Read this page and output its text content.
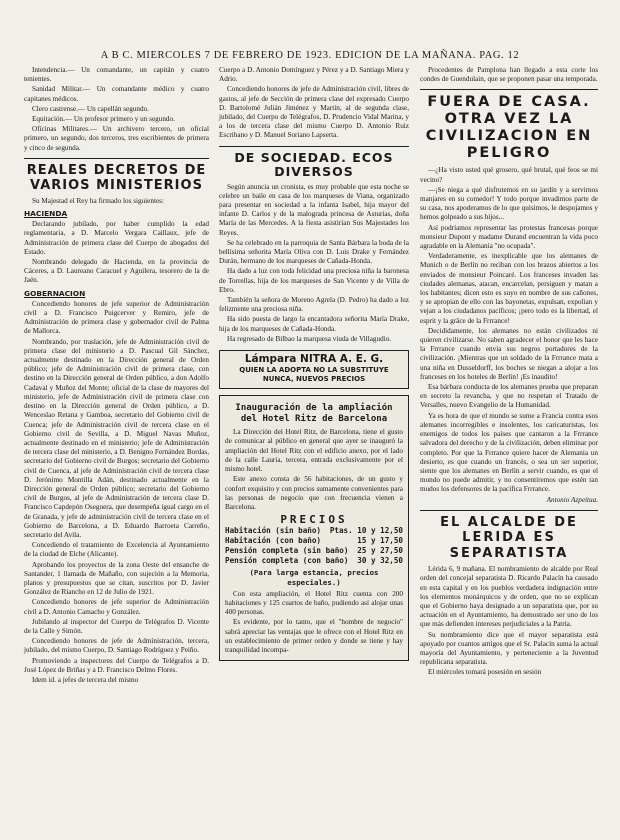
A B C. MIERCOLES 7 DE FEBRERO DE 1923. EDICION DE LA MAÑANA. PAG. 12

Intendencia.— Un comandante, un capitán y cuatro tenientes.

Sanidad Militar.— Un comandante médico y cuatro capitanes médicos.

Clero castrense.— Un capellán segundo.

Equitación.— Un profesor primero y un segundo.

Oficinas Militares.— Un archivero tercero, un oficial primero, un segundo, dos terceros, tres escribientes de primera y cinco de segunda.

REALES DECRETOS DE VARIOS MINISTERIOS

Su Majestad el Rey ha firmado los siguientes:

HACIENDA

Declarando jubilado, por haber cumplido la edad reglamentaria, a D. Marcelo Vergara Caillaux, jefe de Administración de primera clase del Cuerpo de abogados del Estado.

Nombrando delegado de Hacienda, en la provincia de Cáceres, a D. Laureano Caracuel y Aguilera, tesorero de la de Jaén.

GOBERNACION

Concediendo honores de jefe superior de Administración civil a D. Francisco Puigcerver y Remiro, jefe de Administración de primera clase y gobernador civil de Palma de Mallorca.

Nombrando, por traslación, jefe de Administración civil de primera clase del ministerio a D. Pascual Gil Sánchez, actualmente destinado en la Dirección general de Orden público; jefe de Administración civil de primera clase, con destino en la Dirección general de Orden público, a don Adolfo Cadaval y Muñoz del Monte; oficial de la clase de mayores del ministerio, jefe de Administración civil de primera clase con destino en la Dirección general de Orden público, a D. Wenceslao Retana y Gamboa, secretario del Gobierno civil de Cuenca; jefe de Administración civil de tercera clase en el Gobierno civil de Sevilla, a D. Miguel Navas Muñoz, actualmente destinado en el ministerio; jefe de Administración de tercera clase del ministerio, a D. Benigno Fernández Bordas, secretario del Gobierno civil de Burgos; secretario del Gobierno civil de Cuenca, al jefe de Administración civil de tercera clase D. Jerónimo Montilla Adán, destinado actualmente en la Dirección general de Orden público; secretario del Gobierno civil de Burgos, al jefe de Administración de tercera clase D. Francisco Capdepón Oseguera, que desempeña igual cargo en el de Granada, y jefe de administración civil de tercera clase en el Gobierno de Barcelona, a D. Eduardo Barroeta Carreño, secretario del Avila.

Concediendo el tratamiento de Excelencia al Ayuntamiento de la ciudad de Elche (Alicante).

Aprobando los proyectos de la zona Oeste del ensanche de Santander, 1 llamada de Mañaño, con sujeción a la Memoria, planos y presupuestos que se citan, suscritos por D. Javier González de Riancho en 12 de Julio de 1921.

Concediendo honores de jefe superior de Administración civil a D. Antonio Camacho y González.

Jubilando al inspector del Cuerpo de Telégrafos D. Vicente de la Calle y Simón.

Concediendo honores de jefe de Administración, tercera, jubilado, del mismo Cuerpo, D. Santiago Rodríguez y Peiño.

Promoviendo a inspectores del Cuerpo de Telégrafos a D. José López de Briñas y a D. Francisco Delmo Flores.

Idem id. a jefes de tercera del mismo

Cuerpo a D. Antonio Domínguez y Pérez y a D. Santiago Miera y Adrio.

Concediendo honores de jefe de Administración civil, libres de gastos, al jefe de Sección de primera clase del expresado Cuerpo D. Bartolomé Julián Jiménez y Martín, al de segunda clase, jubilado, del Cuerpo de Telégrafos, D. Prudencio Vidal Marina, y a los de tercera clase del mismo Cuerpo D. Antonio Ruiz Escribano y D. Manuel Soriano Lapserta.

DE SOCIEDAD. ECOS DIVERSOS

Según anuncia un cronista, es muy probable que esta noche se celebre un baile en casa de los marqueses de Viana, organizado para presentar en sociedad a la infanta Isabel, hija mayor del infante D. Carlos y de la malograda princesa de Asturias, doña María de las Mercedes. A la fiesta asistirían Sus Majestades los Reyes.

Se ha celebrado en la parroquia de Santa Bárbara la boda de la bellísima señorita María Oliva con D. Luis Drake y Fernández Durán, hermano de los marqueses de Cañada-Honda.

Ha dado a luz con toda felicidad una preciosa niña la baronesa de Torrellas, hija de los marqueses de San Vicente y de Villa de Ebro.

También la señora de Moreno Agrela (D. Pedro) ha dado a luz felizmente una preciosa niña.

Ha sido puesta de largo la encantadora señorita María Drake, hija de los marqueses de Cañada-Honda.

Ha regresado de Bilbao la marquesa viuda de Villagudio.

Lámpara NITRA A. E. G.
QUIEN LA ADOPTA NO LA SUBSTITUYE NUNCA, NUEVOS PRECIOS
Inauguración de la ampliación del Hotel Ritz de Barcelona

La Dirección del Hotel Ritz, de Barcelona, tiene el gusto de comunicar al público en general que ayer se inauguró la ampliación del Hotel Ritz con el edificio anexo, por el lado de la calle Lauria, tercera, entrada exclusivamente por el mismo hotel.

Este anexo consta de 56 habitaciones, de un gusto y confort exquisito y con precios sumamente convenientes para las personas de negocio que con frecuencia vienen a Barcelona.

PRECIOS
Habitación (sin baño) Ptas. 10 y 12,50
Habitación (con baño)	15 y 17,50
Pensión completa (sin baño) 25 y 27,50
Pensión completa (con baño) 30 y 32,50
(Para larga estancia, precios especiales.)

Con esta ampliación, el Hotel Ritz cuenta con 200 habitaciones y 125 cuartos de baño, pudiendo así alojar unas 400 personas.

Es evidente, por lo tanto, que el "hombre de negocio" sabrá apreciar las ventajas que le ofrece con el Hotel Ritz en un establecimiento de primer orden y donde se tiene y hay tranquilidad incompa-

Procedentes de Pamplona han llegado a esta corte los condes de Guendulain, que se proponen pasar una temporada.

FUERA DE CASA. OTRA VEZ LA CIVILIZACION EN PELIGRO

—¿Ha visto usted qué grosero, qué brutal, qué feos se mi vecino?

—¡Se niega a qué disfrutemos en su jardín y a servirnos manjares en su comedor! Y todo porque invadimos parte de su casa, nos apoderamos de lo que quisimos, le despojamos y hemos golpeado a sus hijos...

Así podríamos representar las protestas francesas porque monsieur Dupont y madame Durand encuentran la vida poco agradable en la Alemania "no ocupada".

Verdaderamente, es inexplicable que los alemanes de Munich o de Berlín no reciban con los brazos abiertos a los enviados de monsieur Poincaré. Los franceses invaden las ciudades alemanas, atacan, encarcelan, persiguen y matan a los habitantes; dicen esto es suyo en nombre de sus cañones, y se apropian de ello con las bayonetas, expulsan, expolian y vejan a los ciudadanos pacíficos; ¡pero todo es la libertad, el esprit y la grâce de la Frrrance!

Decididamente, los alemanes no están civilizados ni quieren civilizarse. No saben agradecer el honor que les hace la Frrrance cuando envía sus negros portadores de la civilización. ¡Mientras que un soldado de la Frrrance mata a una niña en Dusseldorff, los boches se niegan a alojar a los franceses en los hoteles de Berlín! ¡Es inaudito!

Esa bárbara conducta de los alemanes prueba que preparan en secreto la revancha, y que no respetan el Tratado de Versalles, nuevo Evangelio de la Humanidad.

Ya es hora de que el mundo se sume a Francia contra esos alemanes incorregibles e insolentes, los caricaturistas, los enemigos de todos los países que cantaron a la Frrrance salvadora del derecho y de la civilización, deben eliminar por completo. Por que la Frrrance quiere hacer de Alemania un desierto, es que cuando un francés, o sea un ser superior, siente que los alemanes en Berlín a servir cuando, es que el mundo no puede admitir, y no consentiremos que estén tan mudos los defensores de la pacífica Frrrance.

Antonio Azpeitua.

EL ALCALDE DE LERIDA ES SEPARATISTA

Lérida 6, 9 mañana. El nombramiento de alcalde por Real orden del concejal separatista D. Ricardo Palacín ha causado en esta capital y en los pueblos verdadera indignación entre los elementos monárquicos y de orden, que no se explican que el Gobierno haya designado a un separatista que, por su actuación en el Ayuntamiento, ha demostrado ser uno de los que más defienden intereses perjudiciales a la Patria.

Su nombramiento dice que el mayor separatista está apoyado por cuantos amigos que el Sr. Palacín suma la actual mayoría del Ayuntamiento, y perteneciente a la Juventud republicana separatista.

El miércoles tomará posesión en sesión
